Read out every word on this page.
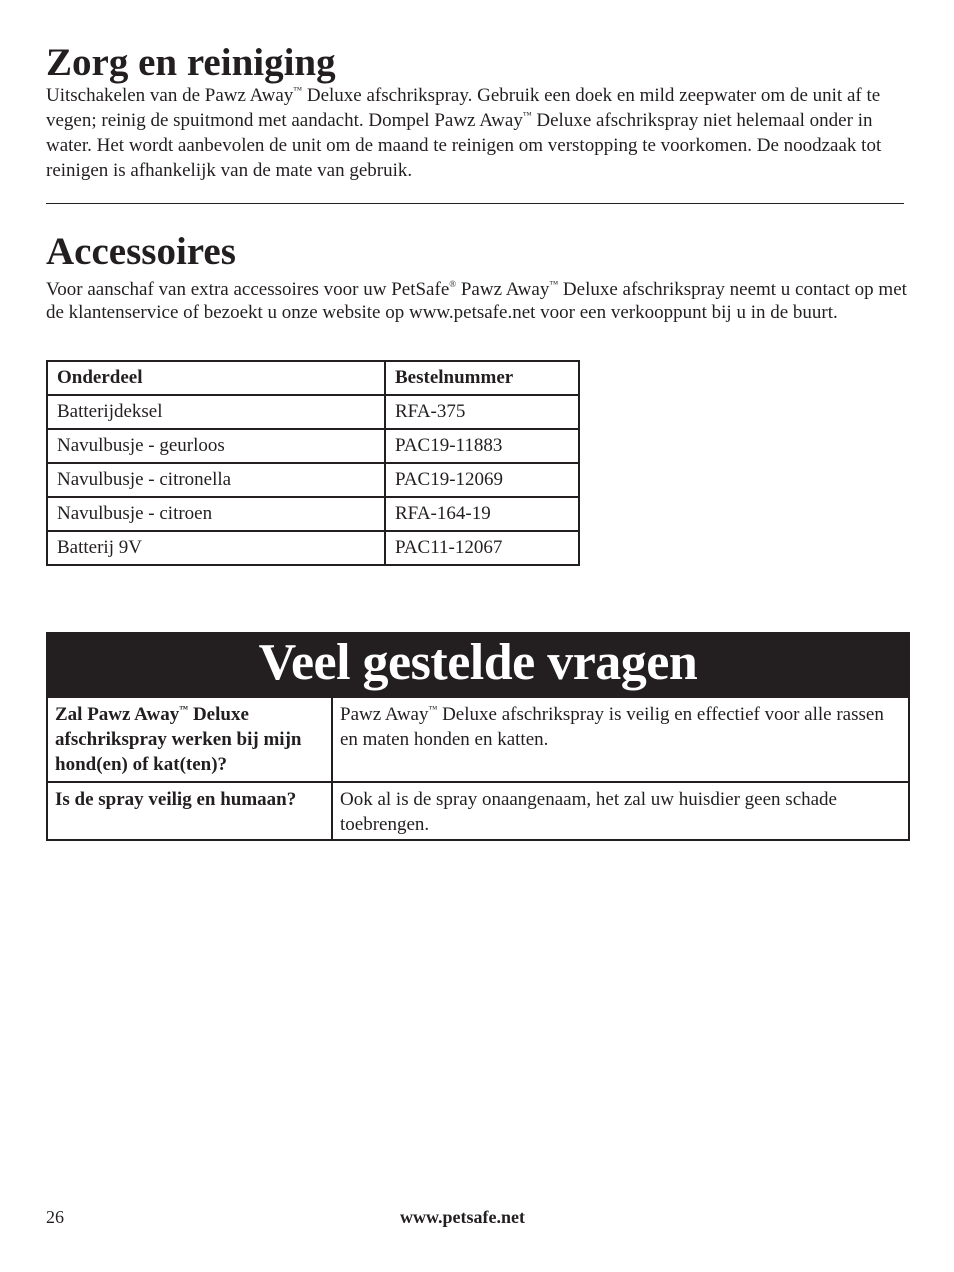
Zorg en reiniging

Uitschakelen van de Pawz Away™ Deluxe afschrikspray. Gebruik een doek en mild zeepwater om de unit af te vegen; reinig de spuitmond met aandacht. Dompel Pawz Away™ Deluxe afschrikspray niet helemaal onder in water. Het wordt aanbevolen de unit om de maand te reinigen om verstopping te voorkomen. De noodzaak tot reinigen is afhankelijk van de mate van gebruik.

Accessoires

Voor aanschaf van extra accessoires voor uw PetSafe® Pawz Away™ Deluxe afschrikspray neemt u contact op met de klantenservice of bezoekt u onze website op www.petsafe.net voor een verkooppunt bij u in de buurt.

Onderdeel	Bestelnummer
Batterijdeksel	RFA-375
Navulbusje - geurloos	PAC19-11883
Navulbusje - citronella	PAC19-12069
Navulbusje - citroen	RFA-164-19
Batterij 9V	PAC11-12067
Veel gestelde vragen
Zal Pawz Away™ Deluxe afschrikspray werken bij mijn hond(en) of kat(ten)?	Pawz Away™ Deluxe afschrikspray is veilig en effectief voor alle rassen en maten honden en katten.
Is de spray veilig en humaan?	Ook al is de spray onaangenaam, het zal uw huisdier geen schade toebrengen.
26	www.petsafe.net
